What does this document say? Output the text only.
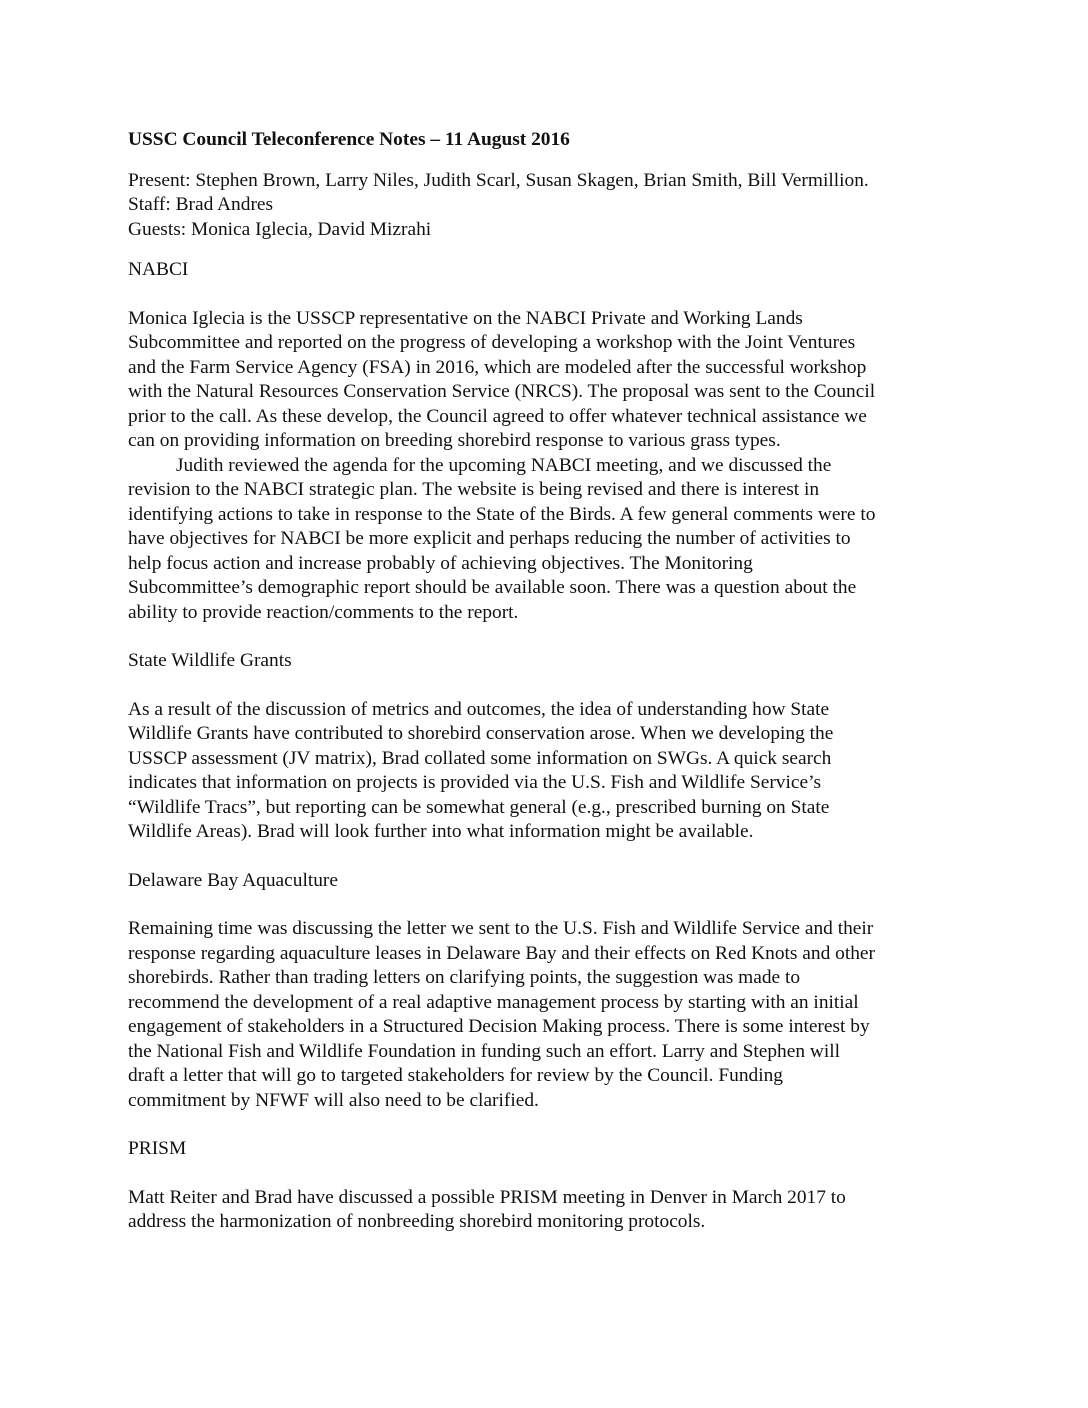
USSC Council Teleconference Notes – 11 August 2016
Present: Stephen Brown, Larry Niles, Judith Scarl, Susan Skagen, Brian Smith, Bill Vermillion.
Staff: Brad Andres
Guests: Monica Iglecia, David Mizrahi
NABCI
Monica Iglecia is the USSCP representative on the NABCI Private and Working Lands
Subcommittee and reported on the progress of developing a workshop with the Joint Ventures
and the Farm Service Agency (FSA) in 2016, which are modeled after the successful workshop
with the Natural Resources Conservation Service (NRCS). The proposal was sent to the Council
prior to the call. As these develop, the Council agreed to offer whatever technical assistance we
can on providing information on breeding shorebird response to various grass types.
Judith reviewed the agenda for the upcoming NABCI meeting, and we discussed the
revision to the NABCI strategic plan. The website is being revised and there is interest in
identifying actions to take in response to the State of the Birds. A few general comments were to
have objectives for NABCI be more explicit and perhaps reducing the number of activities to
help focus action and increase probably of achieving objectives. The Monitoring
Subcommittee’s demographic report should be available soon. There was a question about the
ability to provide reaction/comments to the report.
State Wildlife Grants
As a result of the discussion of metrics and outcomes, the idea of understanding how State
Wildlife Grants have contributed to shorebird conservation arose. When we developing the
USSCP assessment (JV matrix), Brad collated some information on SWGs. A quick search
indicates that information on projects is provided via the U.S. Fish and Wildlife Service’s
“Wildlife Tracs”, but reporting can be somewhat general (e.g., prescribed burning on State
Wildlife Areas). Brad will look further into what information might be available.
Delaware Bay Aquaculture
Remaining time was discussing the letter we sent to the U.S. Fish and Wildlife Service and their
response regarding aquaculture leases in Delaware Bay and their effects on Red Knots and other
shorebirds. Rather than trading letters on clarifying points, the suggestion was made to
recommend the development of a real adaptive management process by starting with an initial
engagement of stakeholders in a Structured Decision Making process. There is some interest by
the National Fish and Wildlife Foundation in funding such an effort. Larry and Stephen will
draft a letter that will go to targeted stakeholders for review by the Council. Funding
commitment by NFWF will also need to be clarified.
PRISM
Matt Reiter and Brad have discussed a possible PRISM meeting in Denver in March 2017 to
address the harmonization of nonbreeding shorebird monitoring protocols.
